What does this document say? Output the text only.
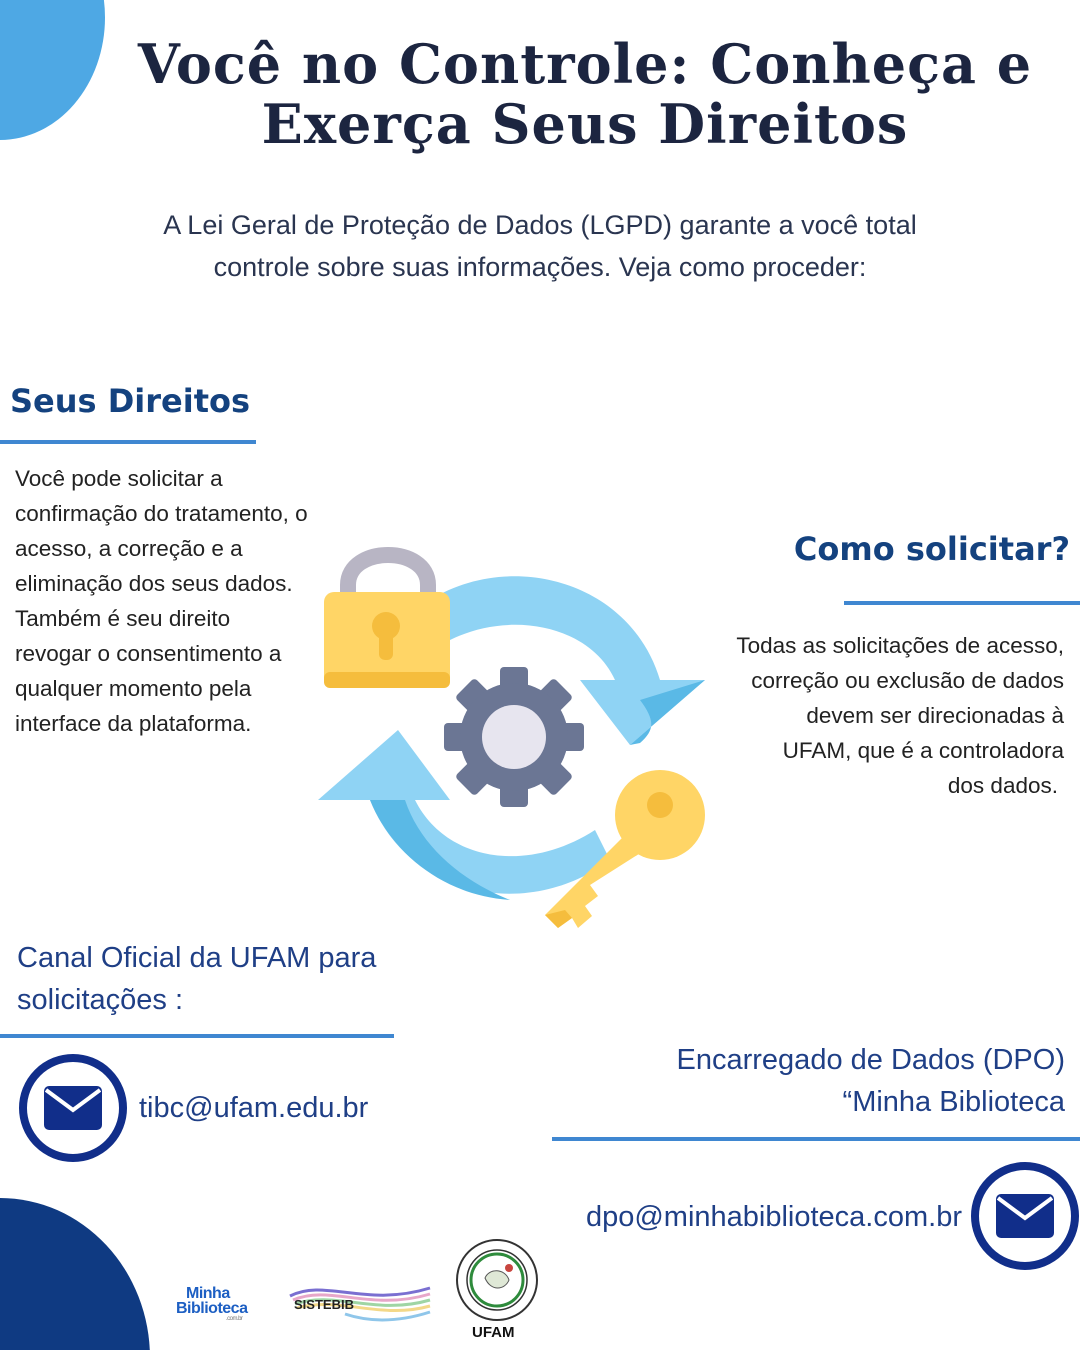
Você no Controle: Conheça e
Exerça Seus Direitos
A Lei Geral de Proteção de Dados (LGPD) garante a você total
controle sobre suas informações. Veja como proceder:
Seus Direitos
Você pode solicitar a
confirmação do tratamento, o
acesso, a correção e a
eliminação dos seus dados.
Também é seu direito
revogar o consentimento a
qualquer momento pela
interface da plataforma.
Como solicitar?
Todas as solicitações de acesso,
correção ou exclusão de dados
devem ser direcionadas à
UFAM, que é a controladora
dos dados.
Canal Oficial da UFAM para
solicitações :
tibc@ufam.edu.br
Encarregado de Dados (DPO)
“Minha Biblioteca
dpo@minhabiblioteca.com.br
Minha
Biblioteca
.com.br
SISTEBIB
UFAM
